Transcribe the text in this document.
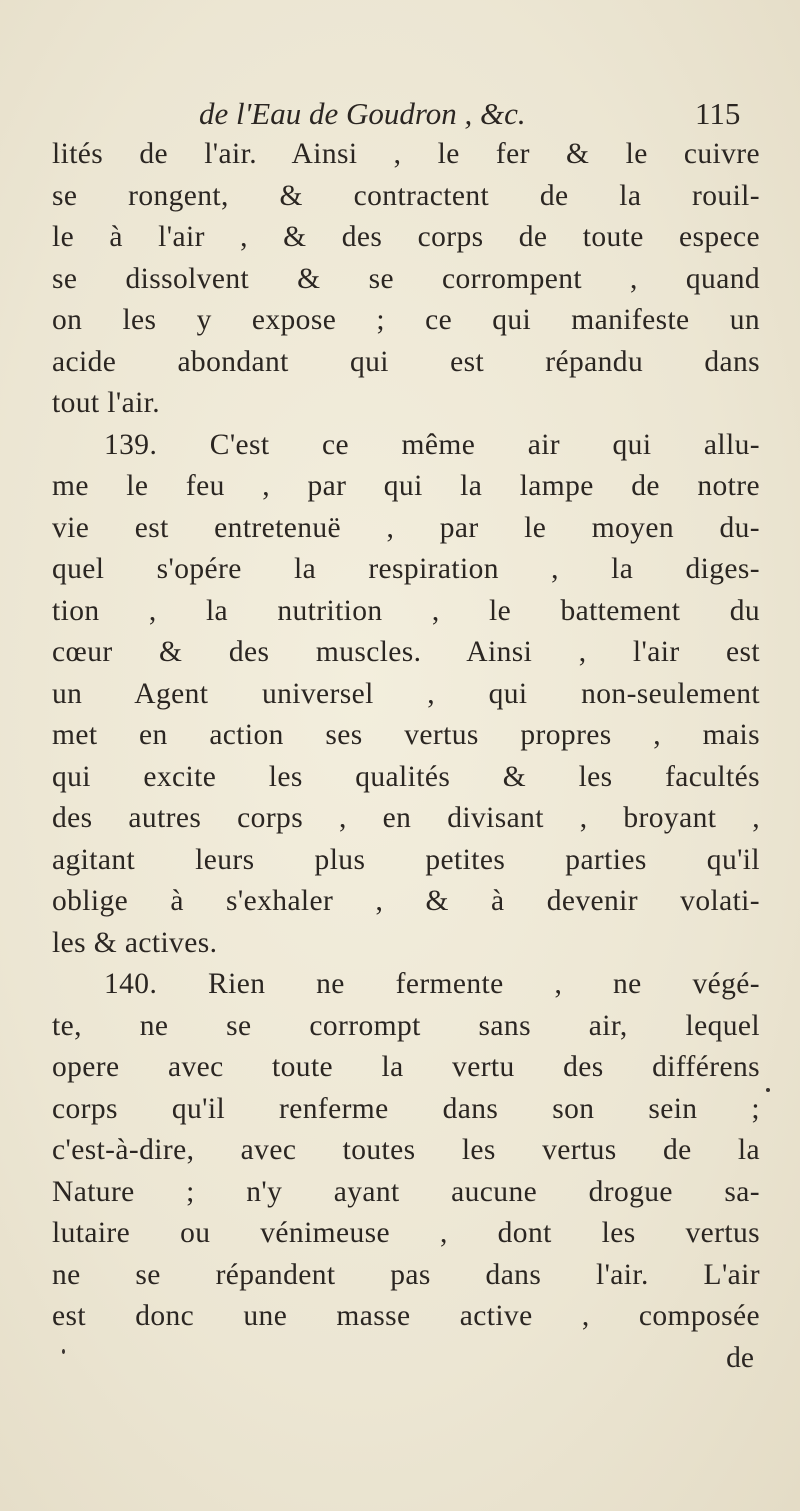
de l'Eau de Goudron , &c.	115
lités de l'air. Ainsi , le fer & le cuivre
se rongent, & contractent de la rouil-
le à l'air , & des corps de toute espece
se dissolvent & se corrompent , quand
on les y expose ; ce qui manifeste un
acide abondant qui est répandu dans
tout l'air.
139. C'est ce même air qui allu-
me le feu , par qui la lampe de notre
vie est entretenuë , par le moyen du-
quel s'opére la respiration , la diges-
tion , la nutrition , le battement du
cœur & des muscles. Ainsi , l'air est
un Agent universel , qui non-seulement
met en action ses vertus propres , mais
qui excite les qualités & les facultés
des autres corps , en divisant , broyant ,
agitant leurs plus petites parties qu'il
oblige à s'exhaler , & à devenir volati-
les & actives.
140. Rien ne fermente , ne végé-
te, ne se corrompt sans air, lequel
opere avec toute la vertu des différens
corps qu'il renferme dans son sein ;
c'est-à-dire, avec toutes les vertus de la
Nature ; n'y ayant aucune drogue sa-
lutaire ou vénimeuse , dont les vertus
ne se répandent pas dans l'air. L'air
est donc une masse active , composée
de
